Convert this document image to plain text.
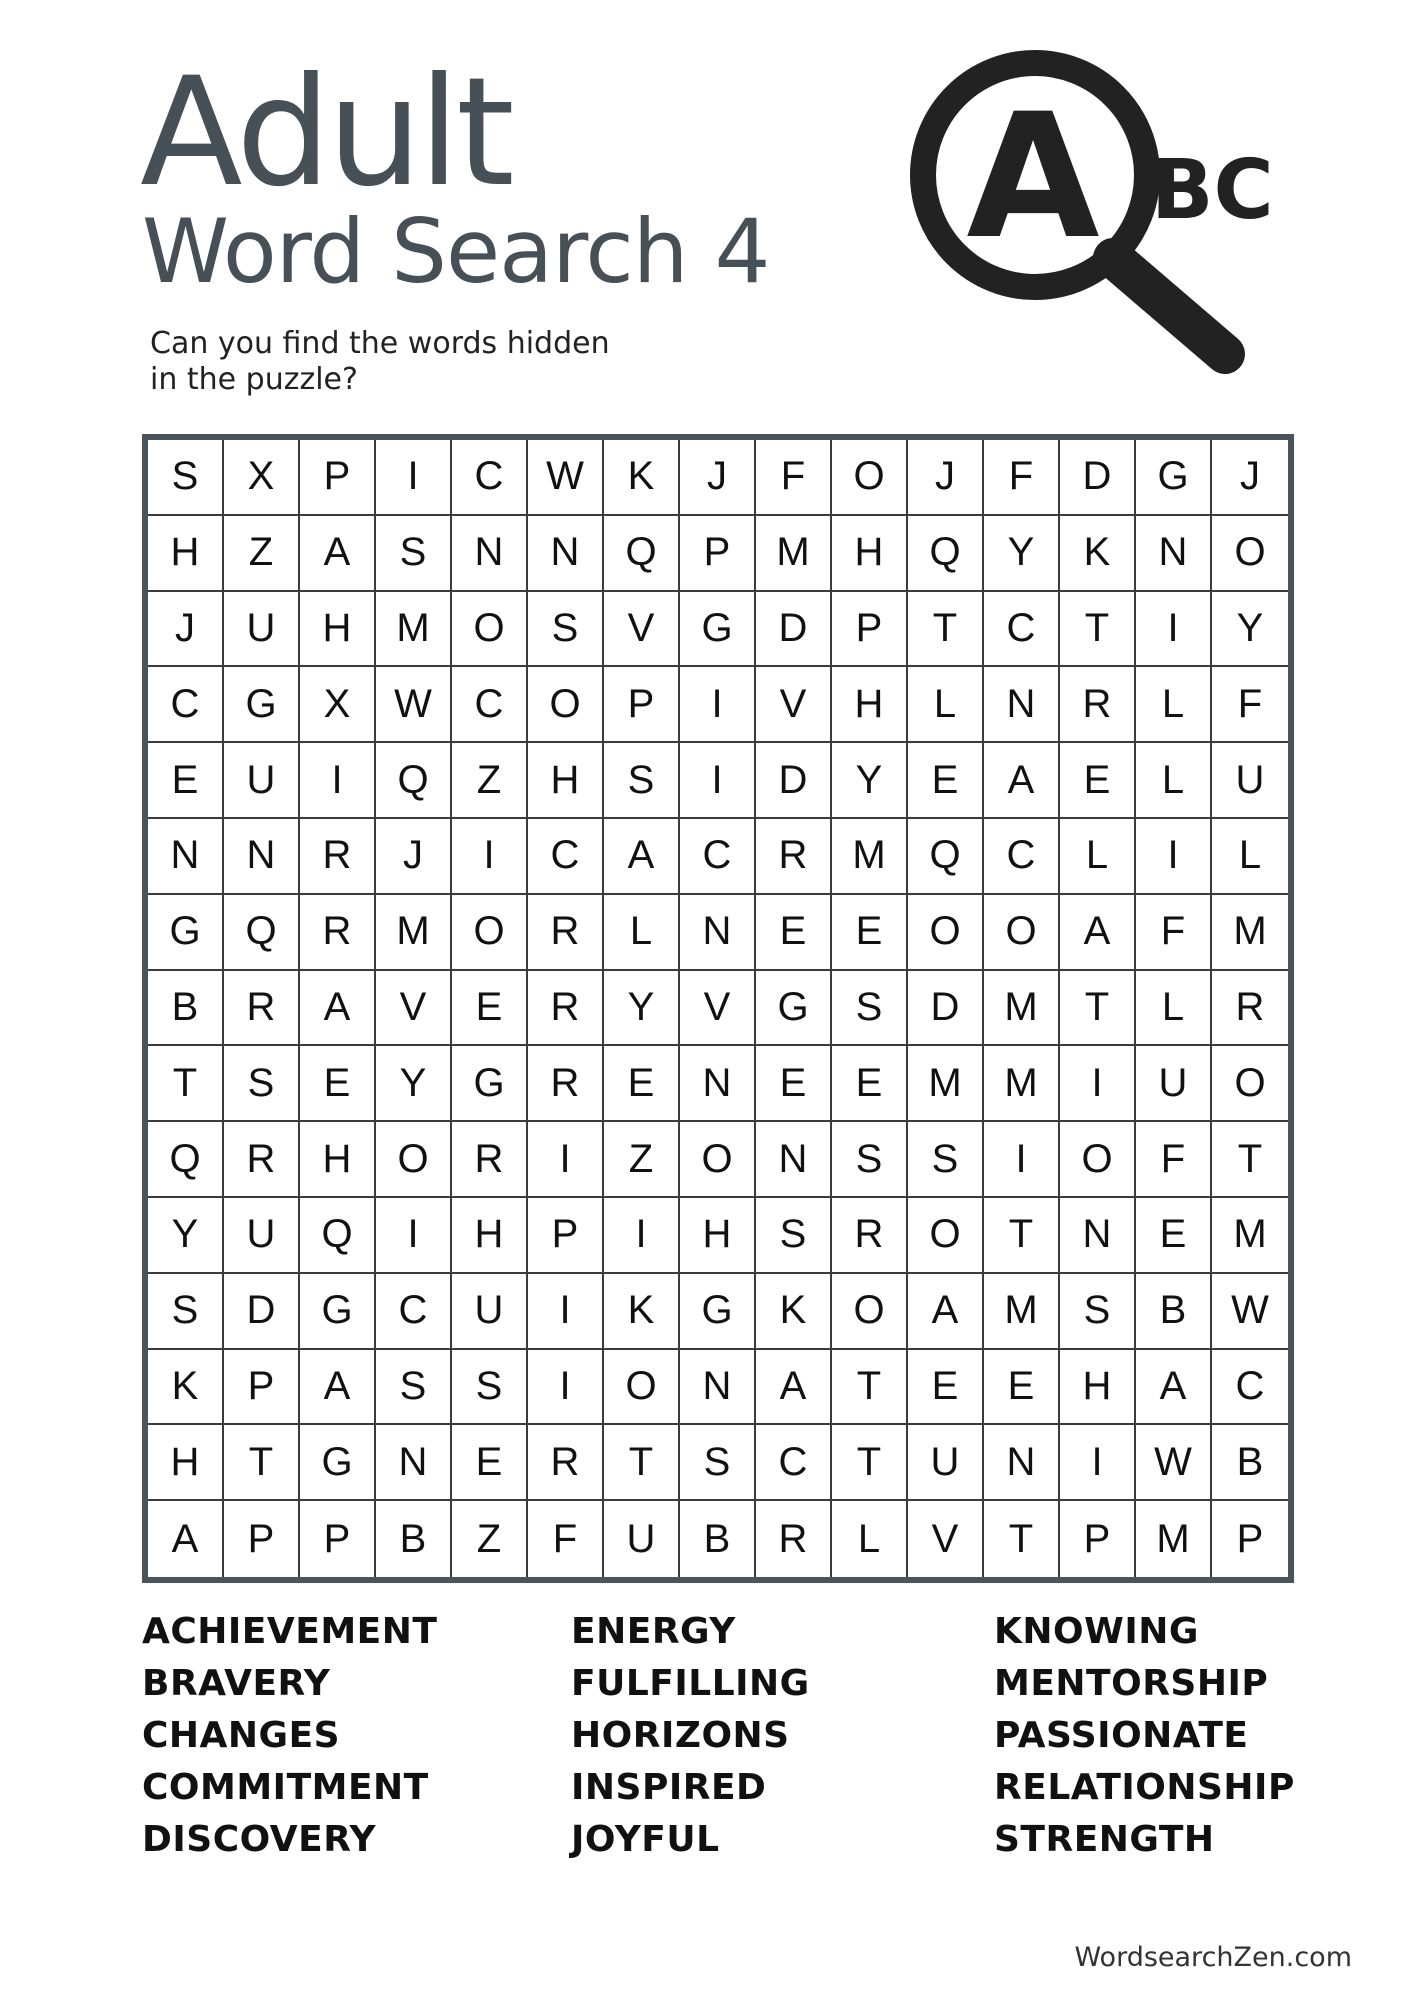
Adult
Word Search 4
Can you find the words hidden
in the puzzle?
A BC
S	X	P	I	C	W	K	J	F	O	J	F	D	G	J
H	Z	A	S	N	N	Q	P	M	H	Q	Y	K	N	O
J	U	H	M	O	S	V	G	D	P	T	C	T	I	Y
C	G	X	W	C	O	P	I	V	H	L	N	R	L	F
E	U	I	Q	Z	H	S	I	D	Y	E	A	E	L	U
N	N	R	J	I	C	A	C	R	M	Q	C	L	I	L
G	Q	R	M	O	R	L	N	E	E	O	O	A	F	M
B	R	A	V	E	R	Y	V	G	S	D	M	T	L	R
T	S	E	Y	G	R	E	N	E	E	M	M	I	U	O
Q	R	H	O	R	I	Z	O	N	S	S	I	O	F	T
Y	U	Q	I	H	P	I	H	S	R	O	T	N	E	M
S	D	G	C	U	I	K	G	K	O	A	M	S	B	W
K	P	A	S	S	I	O	N	A	T	E	E	H	A	C
H	T	G	N	E	R	T	S	C	T	U	N	I	W	B
A	P	P	B	Z	F	U	B	R	L	V	T	P	M	P
ACHIEVEMENT
BRAVERY
CHANGES
COMMITMENT
DISCOVERY
ENERGY
FULFILLING
HORIZONS
INSPIRED
JOYFUL
KNOWING
MENTORSHIP
PASSIONATE
RELATIONSHIP
STRENGTH
WordsearchZen.com
